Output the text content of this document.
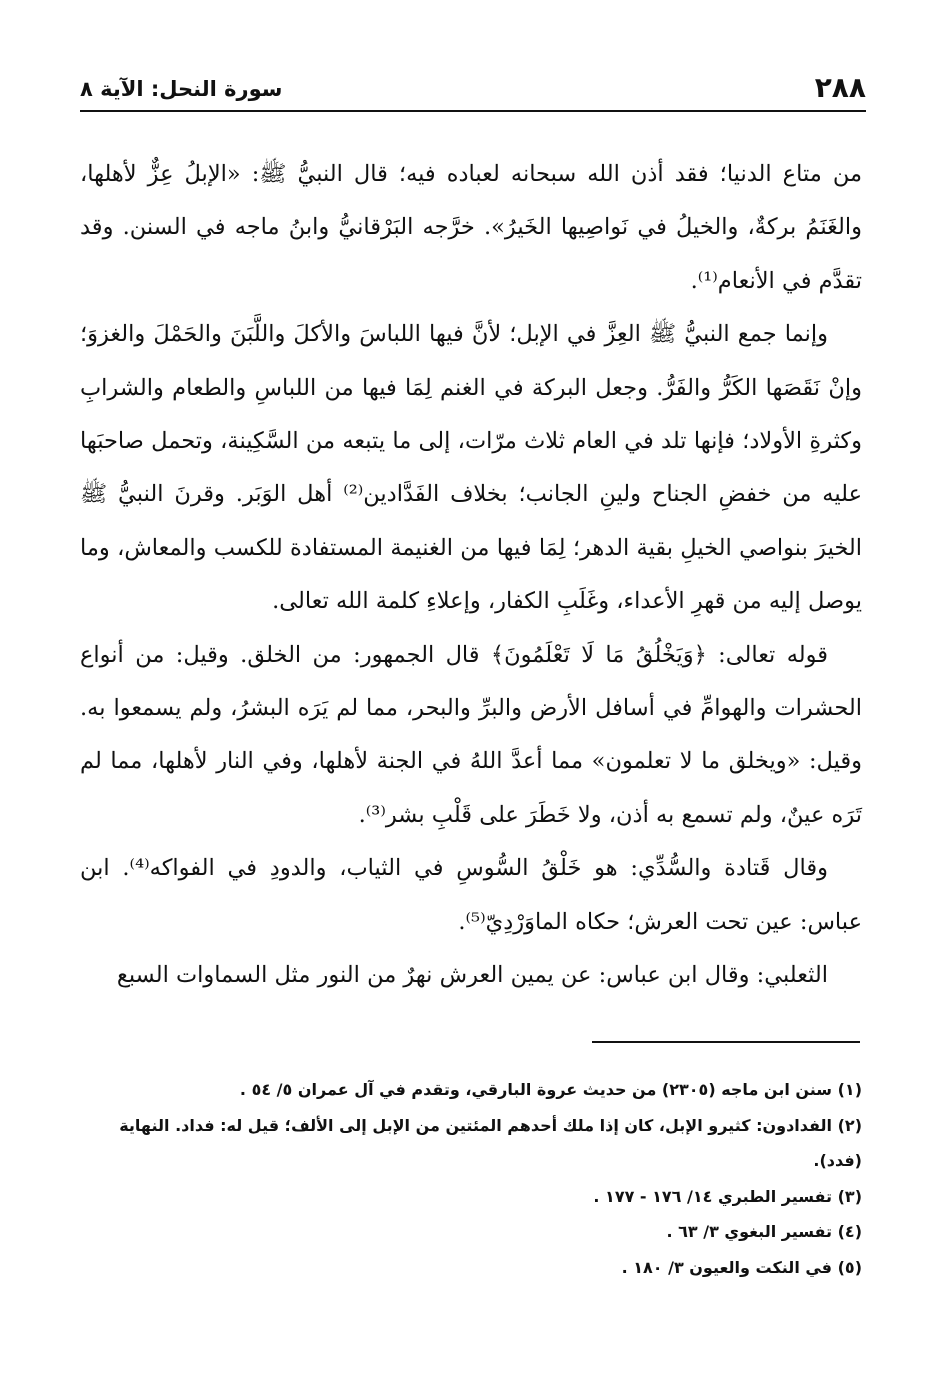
٢٨٨
سورة النحل: الآية ٨

من متاع الدنيا؛ فقد أذن الله سبحانه لعباده فيه؛ قال النبيُّ ﷺ: «الإبلُ عِزٌّ لأهلها، والغَنَمُ بركةٌ، والخيلُ في نَواصِيها الخَيرُ». خرَّجه البَرْقانيُّ وابنُ ماجه في السنن. وقد تقدَّم في الأنعام⁽¹⁾.

وإنما جمع النبيُّ ﷺ العِزَّ في الإبل؛ لأنَّ فيها اللباسَ والأكلَ واللَّبَنَ والحَمْلَ والغزوَ؛ وإنْ نَقَصَها الكَرُّ والفَرُّ. وجعل البركة في الغنم لِمَا فيها من اللباسِ والطعام والشرابِ وكثرةِ الأولاد؛ فإنها تلد في العام ثلاث مرّات، إلى ما يتبعه من السَّكِينة، وتحمل صاحبَها عليه من خفضِ الجناح ولينِ الجانب؛ بخلاف الفَدَّادين⁽²⁾ أهل الوَبَر. وقرنَ النبيُّ ﷺ الخيرَ بنواصي الخيلِ بقية الدهر؛ لِمَا فيها من الغنيمة المستفادة للكسب والمعاش، وما يوصل إليه من قهرِ الأعداء، وغَلَبِ الكفار، وإعلاءِ كلمة الله تعالى.

قوله تعالى: ﴿وَيَخْلُقُ مَا لَا تَعْلَمُونَ﴾ قال الجمهور: من الخلق. وقيل: من أنواع الحشرات والهوامِّ في أسافل الأرض والبرِّ والبحر، مما لم يَرَه البشرُ، ولم يسمعوا به. وقيل: «ويخلق ما لا تعلمون» مما أعدَّ اللهُ في الجنة لأهلها، وفي النار لأهلها، مما لم تَرَه عينٌ، ولم تسمع به أذن، ولا خَطَرَ على قَلْبِ بشر⁽³⁾.

وقال قَتادة والسُّدِّي: هو خَلْقُ السُّوسِ في الثياب، والدودِ في الفواكه⁽⁴⁾. ابن عباس: عين تحت العرش؛ حكاه الماوَرْدِيّ⁽⁵⁾.

الثعلبي: وقال ابن عباس: عن يمين العرش نهرٌ من النور مثل السماوات السبع

(١) سنن ابن ماجه (٢٣٠٥) من حديث عروة البارقي، وتقدم في آل عمران ٥/ ٥٤ .
(٢) الفدادون: كثيرو الإبل، كان إذا ملك أحدهم المئتين من الإبل إلى الألف؛ قيل له: فداد. النهاية (فدد).
(٣) تفسير الطبري ١٤/ ١٧٦ - ١٧٧ .
(٤) تفسير البغوي ٣/ ٦٣ .
(٥) في النكت والعيون ٣/ ١٨٠ .
